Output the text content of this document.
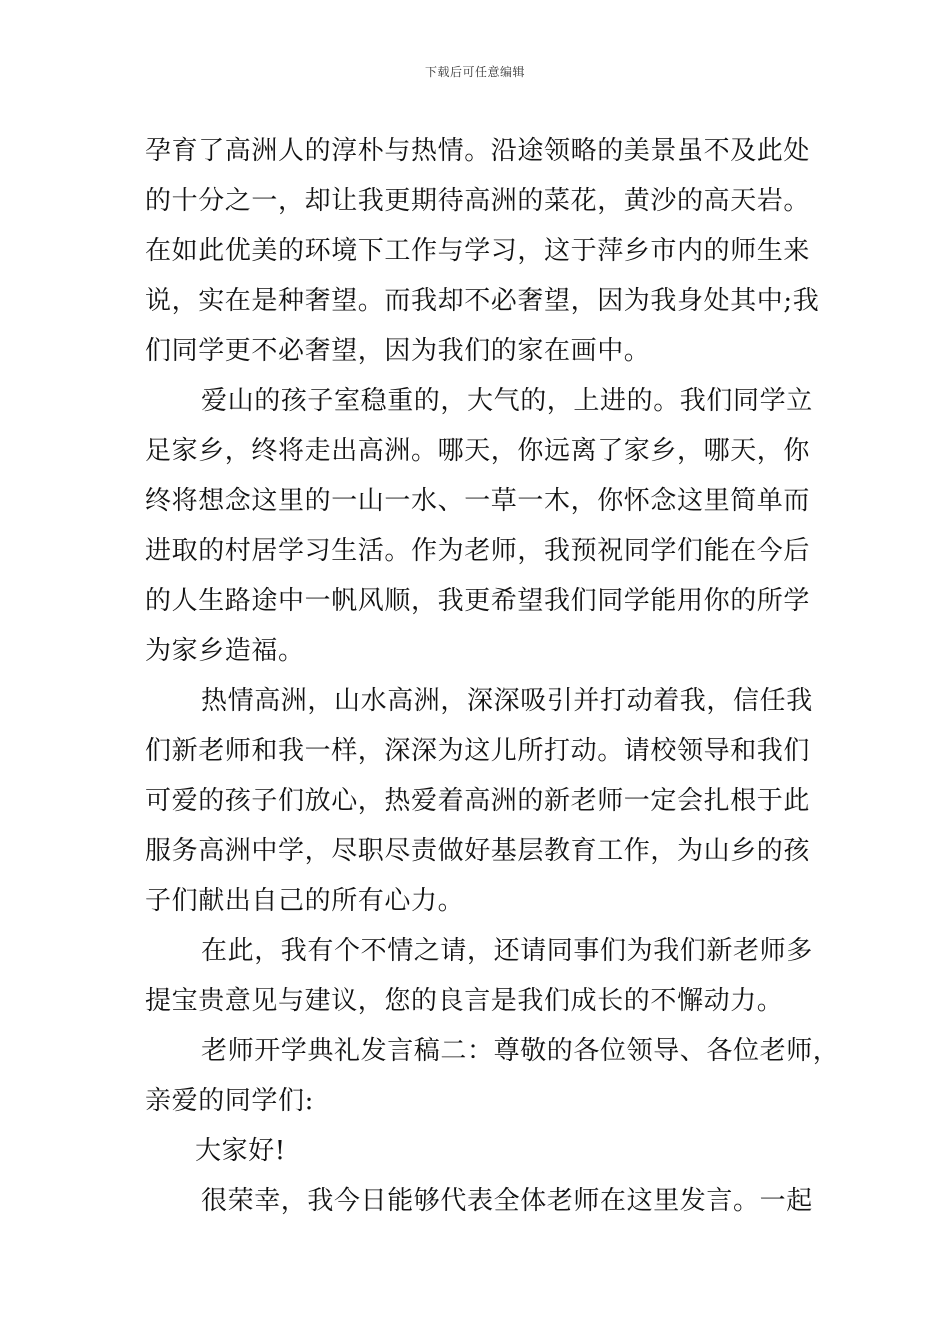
下载后可任意编辑
孕育了高洲人的淳朴与热情。沿途领略的美景虽不及此处
的十分之一，却让我更期待高洲的菜花，黄沙的高天岩。
在如此优美的环境下工作与学习，这于萍乡市内的师生来
说，实在是种奢望。而我却不必奢望，因为我身处其中;我
们同学更不必奢望，因为我们的家在画中。
爱山的孩子室稳重的，大气的，上进的。我们同学立
足家乡，终将走出高洲。哪天，你远离了家乡，哪天，你
终将想念这里的一山一水、一草一木，你怀念这里简单而
进取的村居学习生活。作为老师，我预祝同学们能在今后
的人生路途中一帆风顺，我更希望我们同学能用你的所学
为家乡造福。
热情高洲，山水高洲，深深吸引并打动着我，信任我
们新老师和我一样，深深为这儿所打动。请校领导和我们
可爱的孩子们放心，热爱着高洲的新老师一定会扎根于此
服务高洲中学，尽职尽责做好基层教育工作，为山乡的孩
子们献出自己的所有心力。
在此，我有个不情之请，还请同事们为我们新老师多
提宝贵意见与建议，您的良言是我们成长的不懈动力。
老师开学典礼发言稿二：尊敬的各位领导、各位老师，
亲爱的同学们:
大家好!
很荣幸，我今日能够代表全体老师在这里发言。一起
